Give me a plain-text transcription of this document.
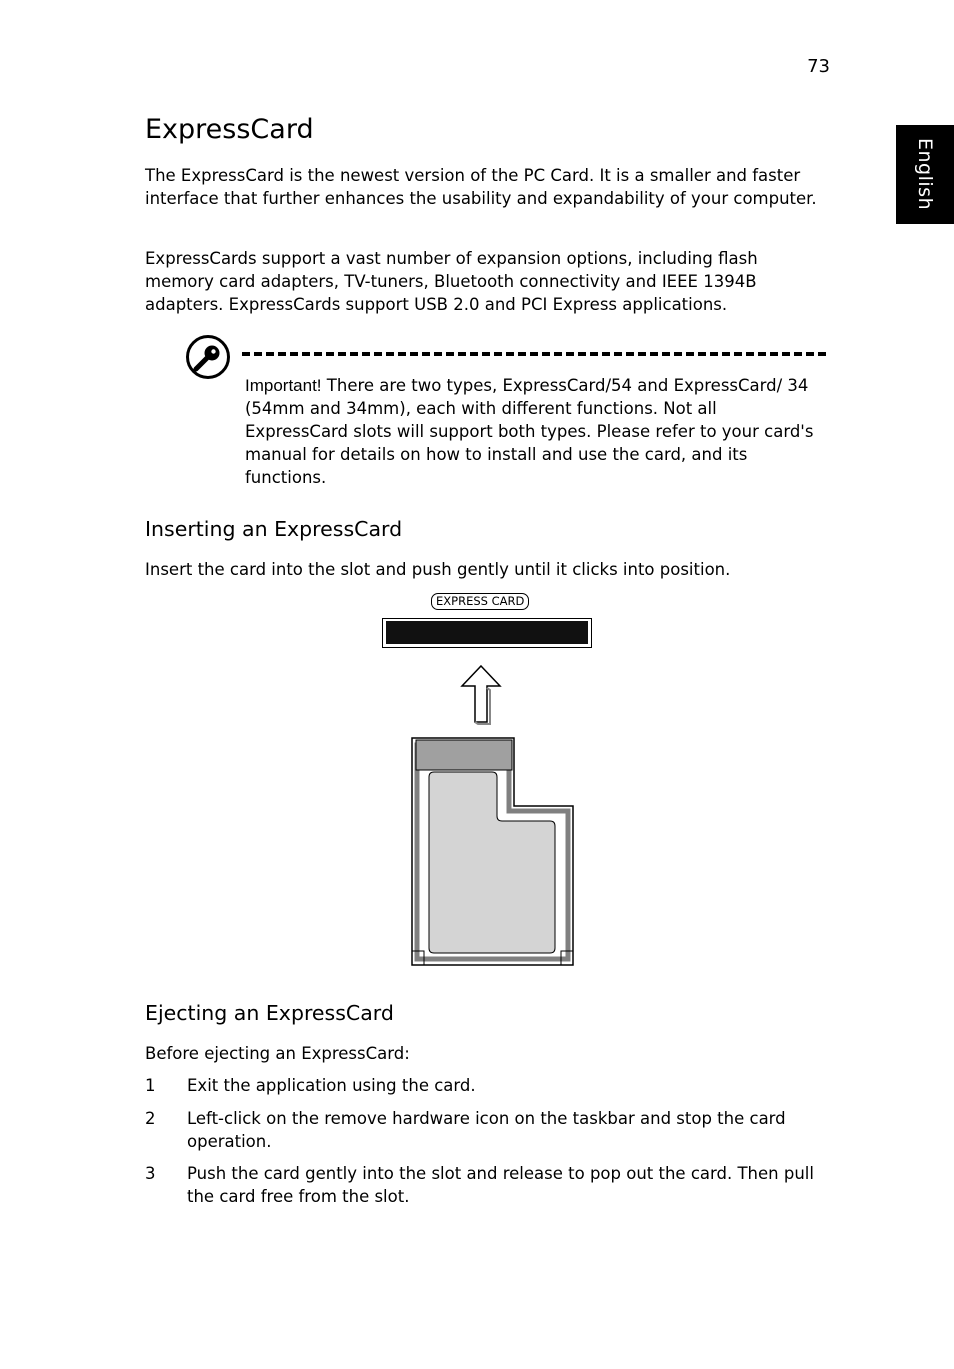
73
English
ExpressCard

The ExpressCard is the newest version of the PC Card. It is a smaller and faster interface that further enhances the usability and expandability of your computer.

ExpressCards support a vast number of expansion options, including flash memory card adapters, TV-tuners, Bluetooth connectivity and IEEE 1394B adapters. ExpressCards support USB 2.0 and PCI Express applications.

Important! There are two types, ExpressCard/54 and ExpressCard/ 34 (54mm and 34mm), each with different functions. Not all ExpressCard slots will support both types. Please refer to your card's manual for details on how to install and use the card, and its functions.

Inserting an ExpressCard

Insert the card into the slot and push gently until it clicks into position.

EXPRESS CARD
Ejecting an ExpressCard

Before ejecting an ExpressCard:

1 Exit the application using the card.
2 Left-click on the remove hardware icon on the taskbar and stop the card operation.
3 Push the card gently into the slot and release to pop out the card. Then pull the card free from the slot.
